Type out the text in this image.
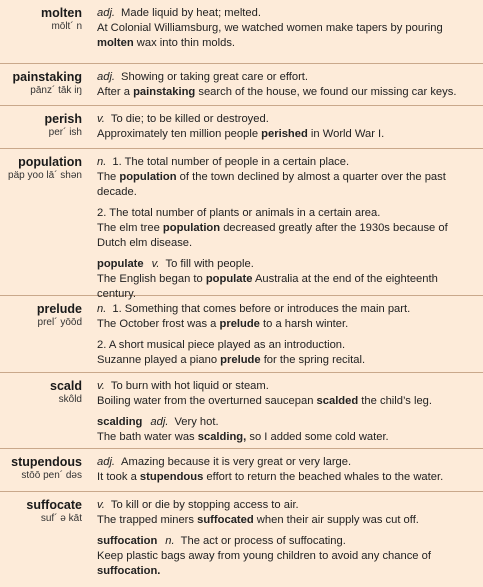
molten
mōlt´ n
adj. Made liquid by heat; melted.
At Colonial Williamsburg, we watched women make tapers by pouring
molten wax into thin molds.
painstaking
pānz´ tāk iŋ
adj. Showing or taking great care or effort.
After a painstaking search of the house, we found our missing car keys.
perish
per´ ish
v. To die; to be killed or destroyed.
Approximately ten million people perished in World War I.
population
päp yoo lā´ shən
n. 1. The total number of people in a certain place.
The population of the town declined by almost a quarter over the past
decade.
2. The total number of plants or animals in a certain area.
The elm tree population decreased greatly after the 1930s because of
Dutch elm disease.
populate v. To fill with people.
The English began to populate Australia at the end of the eighteenth
century.
prelude
prel´ yōōd
n. 1. Something that comes before or introduces the main part.
The October frost was a prelude to a harsh winter.
2. A short musical piece played as an introduction.
Suzanne played a piano prelude for the spring recital.
scald
skôld
v. To burn with hot liquid or steam.
Boiling water from the overturned saucepan scalded the child’s leg.
scalding adj. Very hot.
The bath water was scalding, so I added some cold water.
stupendous
stōō pen´ dəs
adj. Amazing because it is very great or very large.
It took a stupendous effort to return the beached whales to the water.
suffocate
suf´ ə kāt
v. To kill or die by stopping access to air.
The trapped miners suffocated when their air supply was cut off.
suffocation n. The act or process of suffocating.
Keep plastic bags away from young children to avoid any chance of
suffocation.
